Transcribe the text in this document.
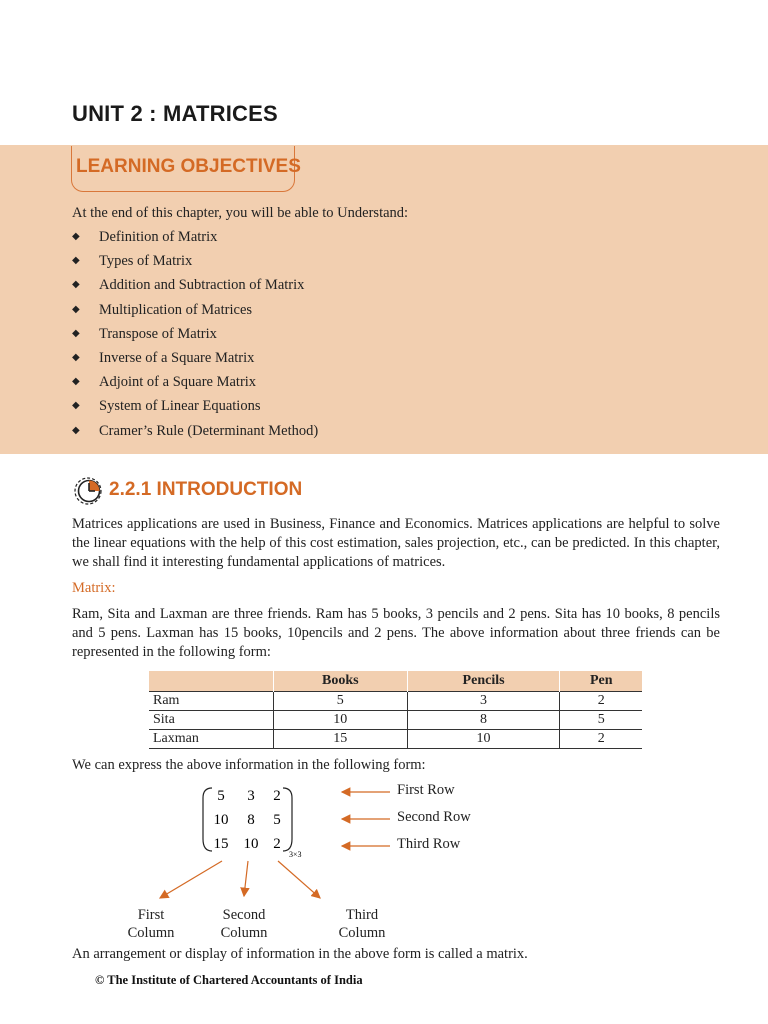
UNIT 2 : MATRICES
LEARNING OBJECTIVES
At the end of this chapter, you will be able to Understand:
◆ Definition of Matrix
◆ Types of Matrix
◆ Addition and Subtraction of Matrix
◆ Multiplication of Matrices
◆ Transpose of Matrix
◆ Inverse of a Square Matrix
◆ Adjoint of a Square Matrix
◆ System of Linear Equations
◆ Cramer’s Rule (Determinant Method)
2.2.1 INTRODUCTION
Matrices applications are used in Business, Finance and Economics. Matrices applications are helpful to solve the linear equations with the help of this cost estimation, sales projection, etc., can be predicted. In this chapter, we shall find it interesting fundamental applications of matrices.
Matrix:
Ram, Sita and Laxman are three friends. Ram has 5 books, 3 pencils and 2 pens. Sita has 10 books, 8 pencils and 5 pens. Laxman has 15 books, 10pencils and 2 pens. The above information about three friends can be represented in the following form:
	Books	Pencils	Pen
Ram	5	3	2
Sita	10	8	5
Laxman	15	10	2
We can express the above information in the following form:
5 3 2
10 8 5
15 10 2
3×3
First Row
Second Row
Third Row
First
Column
Second
Column
Third
Column
An arrangement or display of information in the above form is called a matrix.
© The Institute of Chartered Accountants of India
